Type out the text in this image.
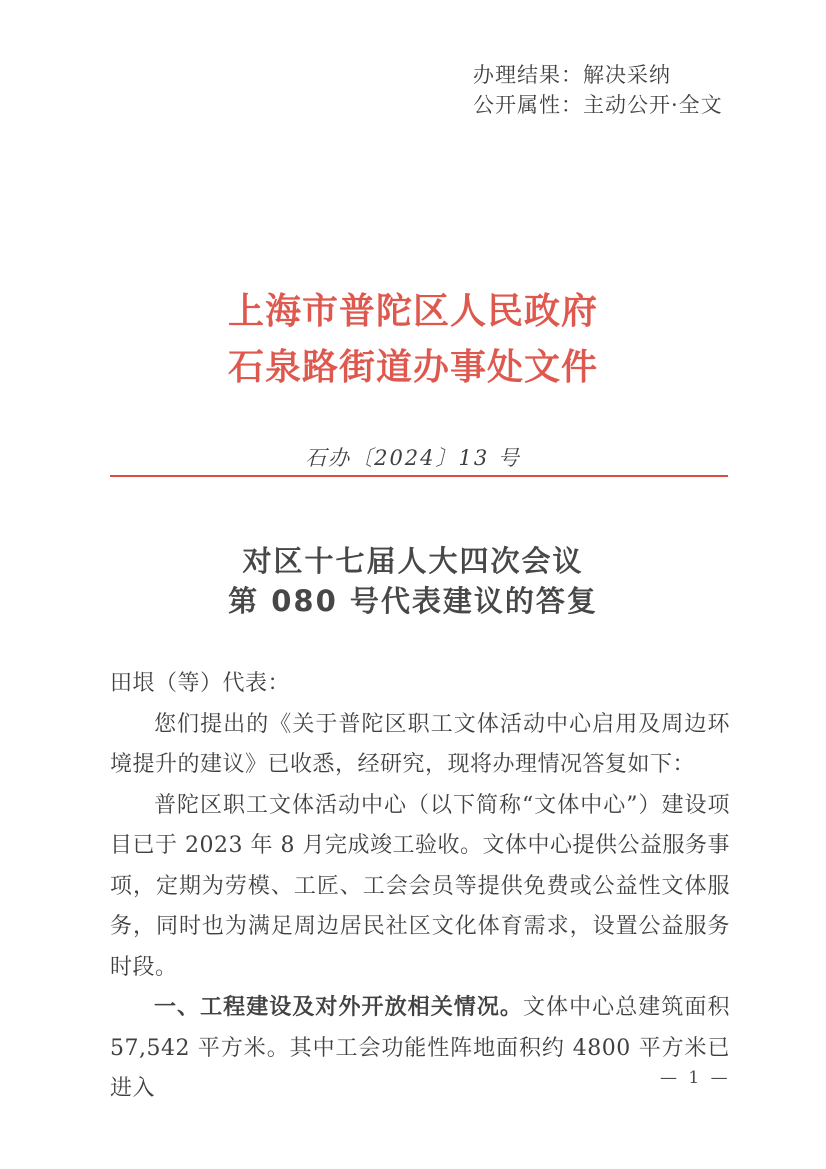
办理结果：解决采纳
公开属性：主动公开·全文
上海市普陀区人民政府
石泉路街道办事处文件
石办〔2024〕13 号
对区十七届人大四次会议
第 080 号代表建议的答复

田垠（等）代表：

您们提出的《关于普陀区职工文体活动中心启用及周边环境提升的建议》已收悉，经研究，现将办理情况答复如下：

普陀区职工文体活动中心（以下简称“文体中心”）建设项目已于 2023 年 8 月完成竣工验收。文体中心提供公益服务事项，定期为劳模、工匠、工会会员等提供免费或公益性文体服务，同时也为满足周边居民社区文化体育需求，设置公益服务时段。

一、工程建设及对外开放相关情况。文体中心总建筑面积 57,542 平方米。其中工会功能性阵地面积约 4800 平方米已进入	— 1 —
